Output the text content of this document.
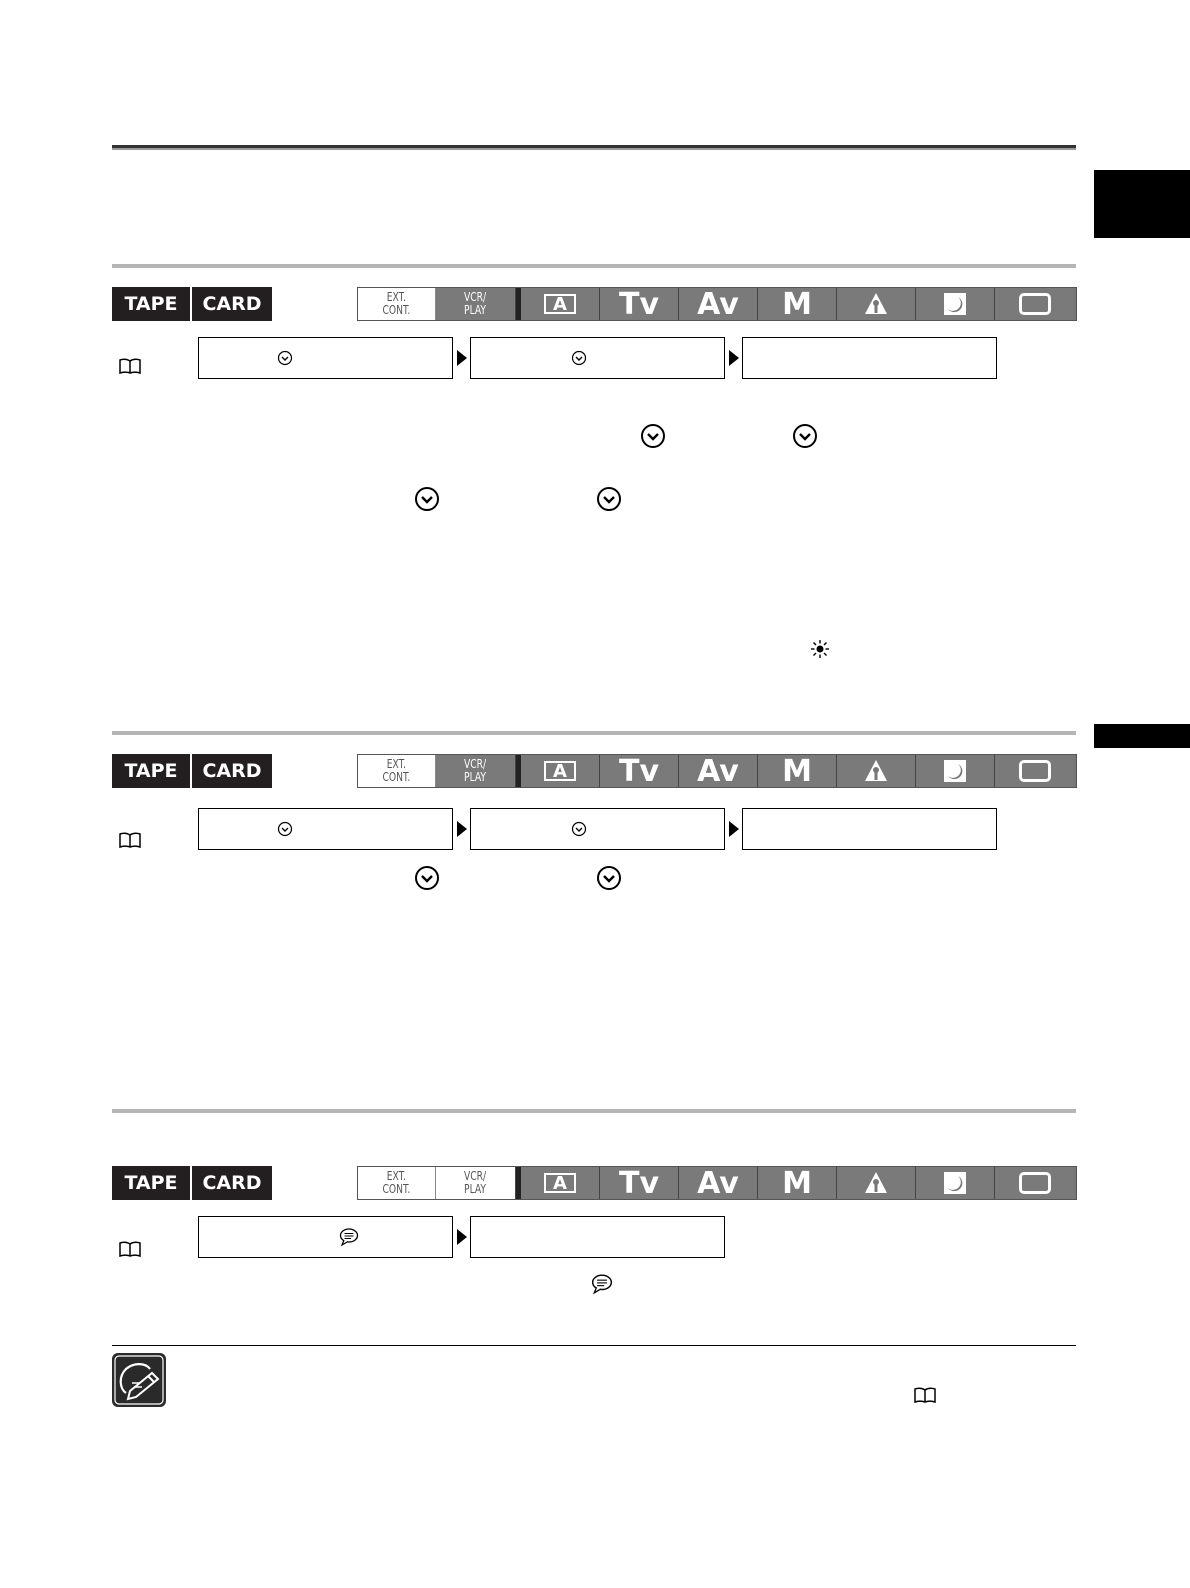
TAPE	CARD	EXT.
CONT.
VCR/
PLAY	A	Tv	Av	M
TAPE	CARD	EXT.
CONT.
VCR/
PLAY	A	Tv	Av	M
TAPE	CARD	EXT.
CONT.
VCR/
PLAY	A	Tv	Av	M
